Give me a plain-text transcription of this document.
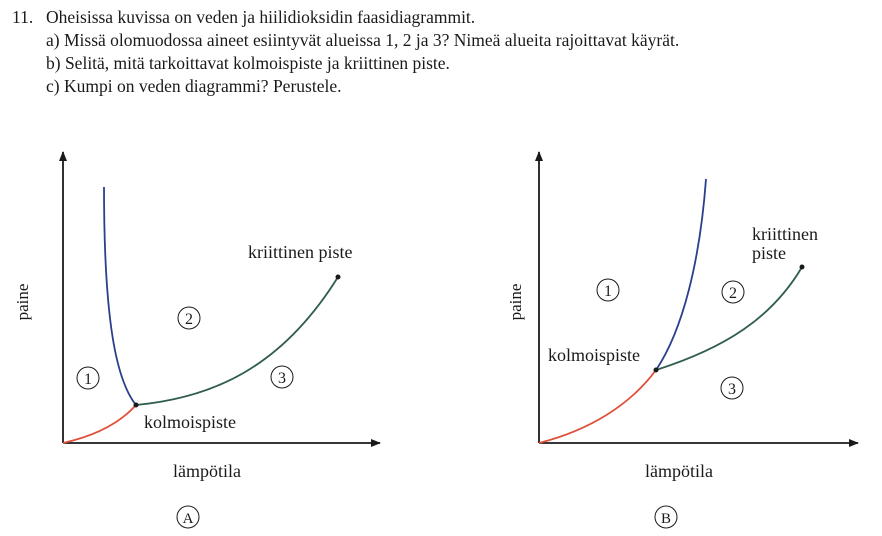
11. Oheisissa kuvissa on veden ja hiilidioksidin faasidiagrammit.
a) Missä olomuodossa aineet esiintyvät alueissa 1, 2 ja 3? Nimeä alueita rajoittavat käyrät.
b) Selitä, mitä tarkoittavat kolmoispiste ja kriittinen piste.
c) Kumpi on veden diagrammi? Perustele.
kriittinen piste
kolmoispiste
1
2
3
paine
lämpötila
A
kriittinen
piste
kolmoispiste
1	2
3
paine
lämpötila
B
